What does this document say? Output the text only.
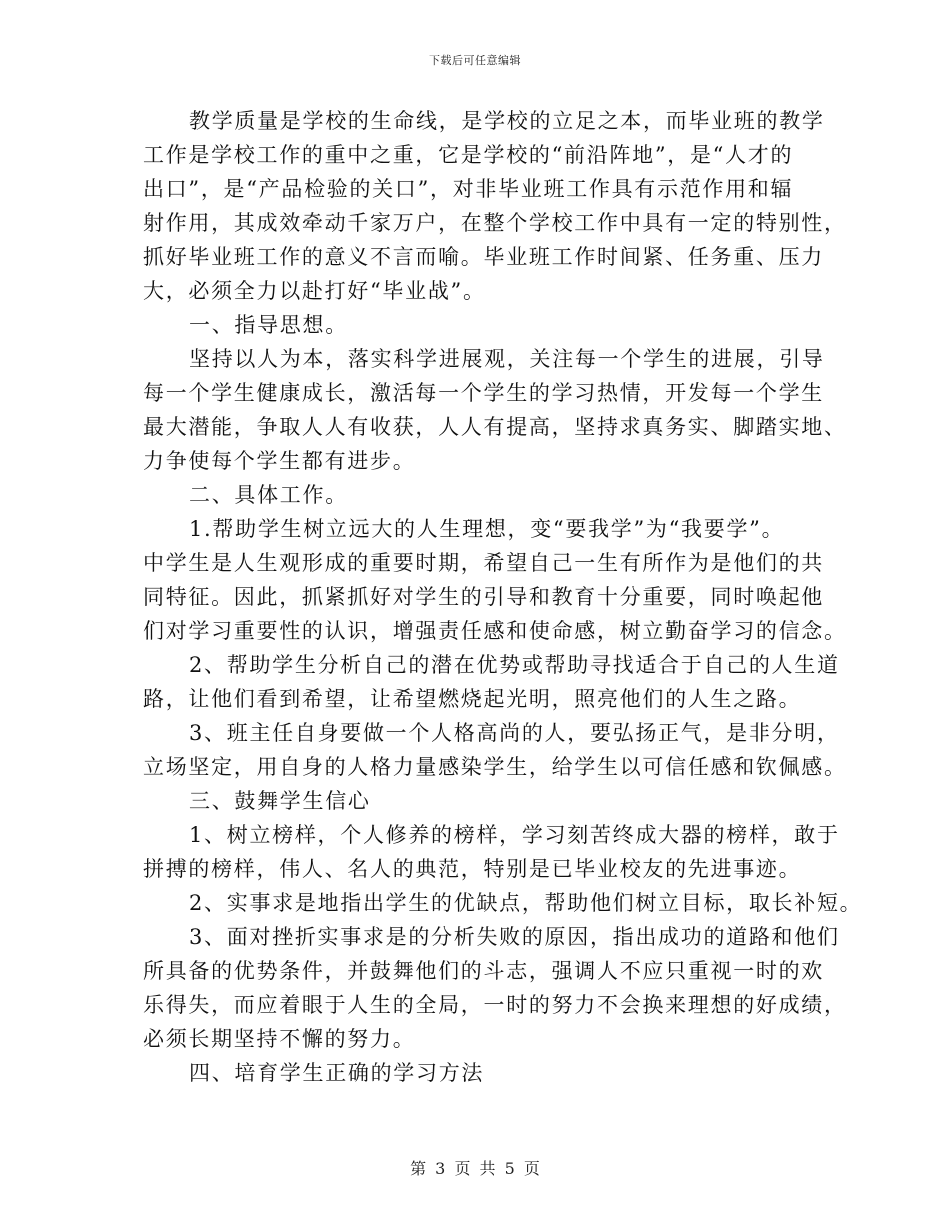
下载后可任意编辑
教学质量是学校的生命线，是学校的立足之本，而毕业班的教学
工作是学校工作的重中之重，它是学校的“前沿阵地”，是“人才的
出口”，是“产品检验的关口”，对非毕业班工作具有示范作用和辐
射作用，其成效牵动千家万户，在整个学校工作中具有一定的特别性，
抓好毕业班工作的意义不言而喻。毕业班工作时间紧、任务重、压力
大，必须全力以赴打好“毕业战”。
一、指导思想。
坚持以人为本，落实科学进展观，关注每一个学生的进展，引导
每一个学生健康成长，激活每一个学生的学习热情，开发每一个学生
最大潜能，争取人人有收获，人人有提高，坚持求真务实、脚踏实地、
力争使每个学生都有进步。
二、具体工作。
1.帮助学生树立远大的人生理想，变“要我学”为“我要学”。
中学生是人生观形成的重要时期，希望自己一生有所作为是他们的共
同特征。因此，抓紧抓好对学生的引导和教育十分重要，同时唤起他
们对学习重要性的认识，增强责任感和使命感，树立勤奋学习的信念。
2、帮助学生分析自己的潜在优势或帮助寻找适合于自己的人生道
路，让他们看到希望，让希望燃烧起光明，照亮他们的人生之路。
3、班主任自身要做一个人格高尚的人，要弘扬正气，是非分明，
立场坚定，用自身的人格力量感染学生，给学生以可信任感和钦佩感。
三、鼓舞学生信心
1、树立榜样，个人修养的榜样，学习刻苦终成大器的榜样，敢于
拼搏的榜样，伟人、名人的典范，特别是已毕业校友的先进事迹。
2、实事求是地指出学生的优缺点，帮助他们树立目标，取长补短。
3、面对挫折实事求是的分析失败的原因，指出成功的道路和他们
所具备的优势条件，并鼓舞他们的斗志，强调人不应只重视一时的欢
乐得失，而应着眼于人生的全局，一时的努力不会换来理想的好成绩，
必须长期坚持不懈的努力。
四、培育学生正确的学习方法
第 3 页 共 5 页
